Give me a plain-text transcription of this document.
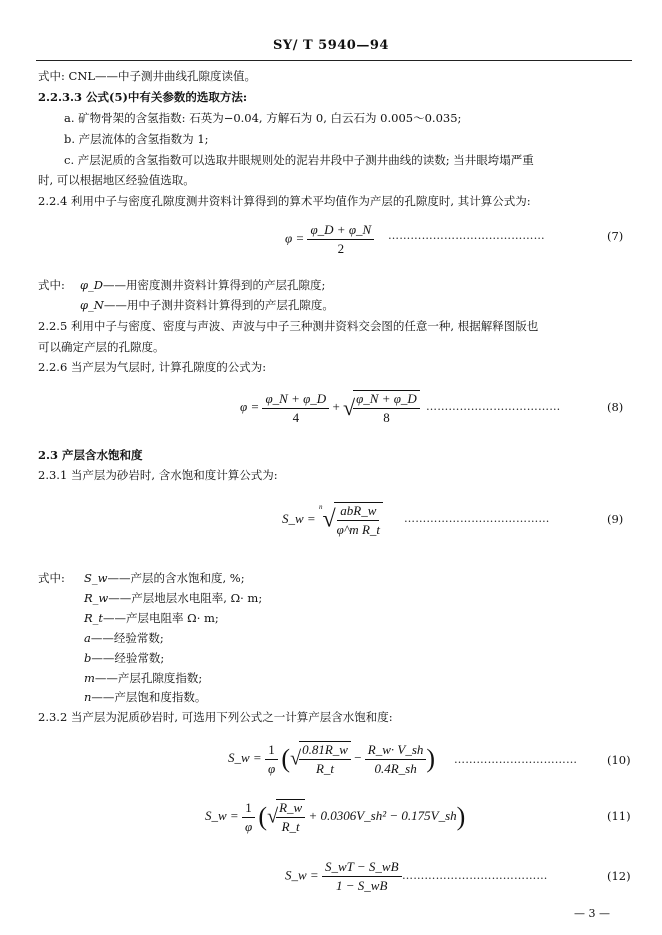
SY/ T 5940—94
式中: CNL——中子测井曲线孔隙度读值。
2.2.3.3 公式(5)中有关参数的选取方法:
a. 矿物骨架的含氢指数: 石英为−0.04, 方解石为 0, 白云石为 0.005～0.035;
b. 产层流体的含氢指数为 1;
c. 产层泥质的含氢指数可以选取井眼规则处的泥岩井段中子测井曲线的读数; 当井眼垮塌严重
时, 可以根据地区经验值选取。
2.2.4 利用中子与密度孔隙度测井资料计算得到的算术平均值作为产层的孔隙度时, 其计算公式为:
$\varphi = \frac{\varphi\_D + \varphi\_N}{2}$ ……………………………………	(7)
式中: φ_D——用密度测井资料计算得到的产层孔隙度;
φ_N——用中子测井资料计算得到的产层孔隙度。
2.2.5 利用中子与密度、密度与声波、声波与中子三种测井资料交会图的任意一种, 根据解释图版也
可以确定产层的孔隙度。
2.2.6 当产层为气层时, 计算孔隙度的公式为:
$\varphi = \frac{\varphi\_N + \varphi\_D}{4}$ + √
$\frac{\varphi\_N + \varphi\_D}{8}$ ………………………………	(8)
2.3 产层含水饱和度
2.3.1 当产层为砂岩时, 含水饱和度计算公式为:
S_w = $^n$√
$\frac{\text{abR\_w}}{\text{φ\textasciicircum{}m R\_t}}$ …………………………………	(9)
式中: S_w——产层的含水饱和度, %;
R_w——产层地层水电阻率, Ω· m;
R_t——产层电阻率 Ω· m;
a——经验常数;
b——经验常数;
m——产层孔隙度指数;
n——产层饱和度指数。
2.3.2 当产层为泥质砂岩时, 可选用下列公式之一计算产层含水饱和度:
S_w = $\frac{1}{\varphi}$ (√
$\frac{0.81R\_w}{R\_t} - \frac{R\_w\cdot V\_sh}{0.4R\_sh}$ ) ……………………………	(10)
S_w = $\frac{1}{\varphi}$ (√
$\frac{R\_w}{R\_t}$ + 0.0306V_sh² − 0.175V_sh)	(11)
S_w = $\frac{S\_wT - S\_wB}{1 - S\_wB}$ …………………………………	(12)
— 3 —
